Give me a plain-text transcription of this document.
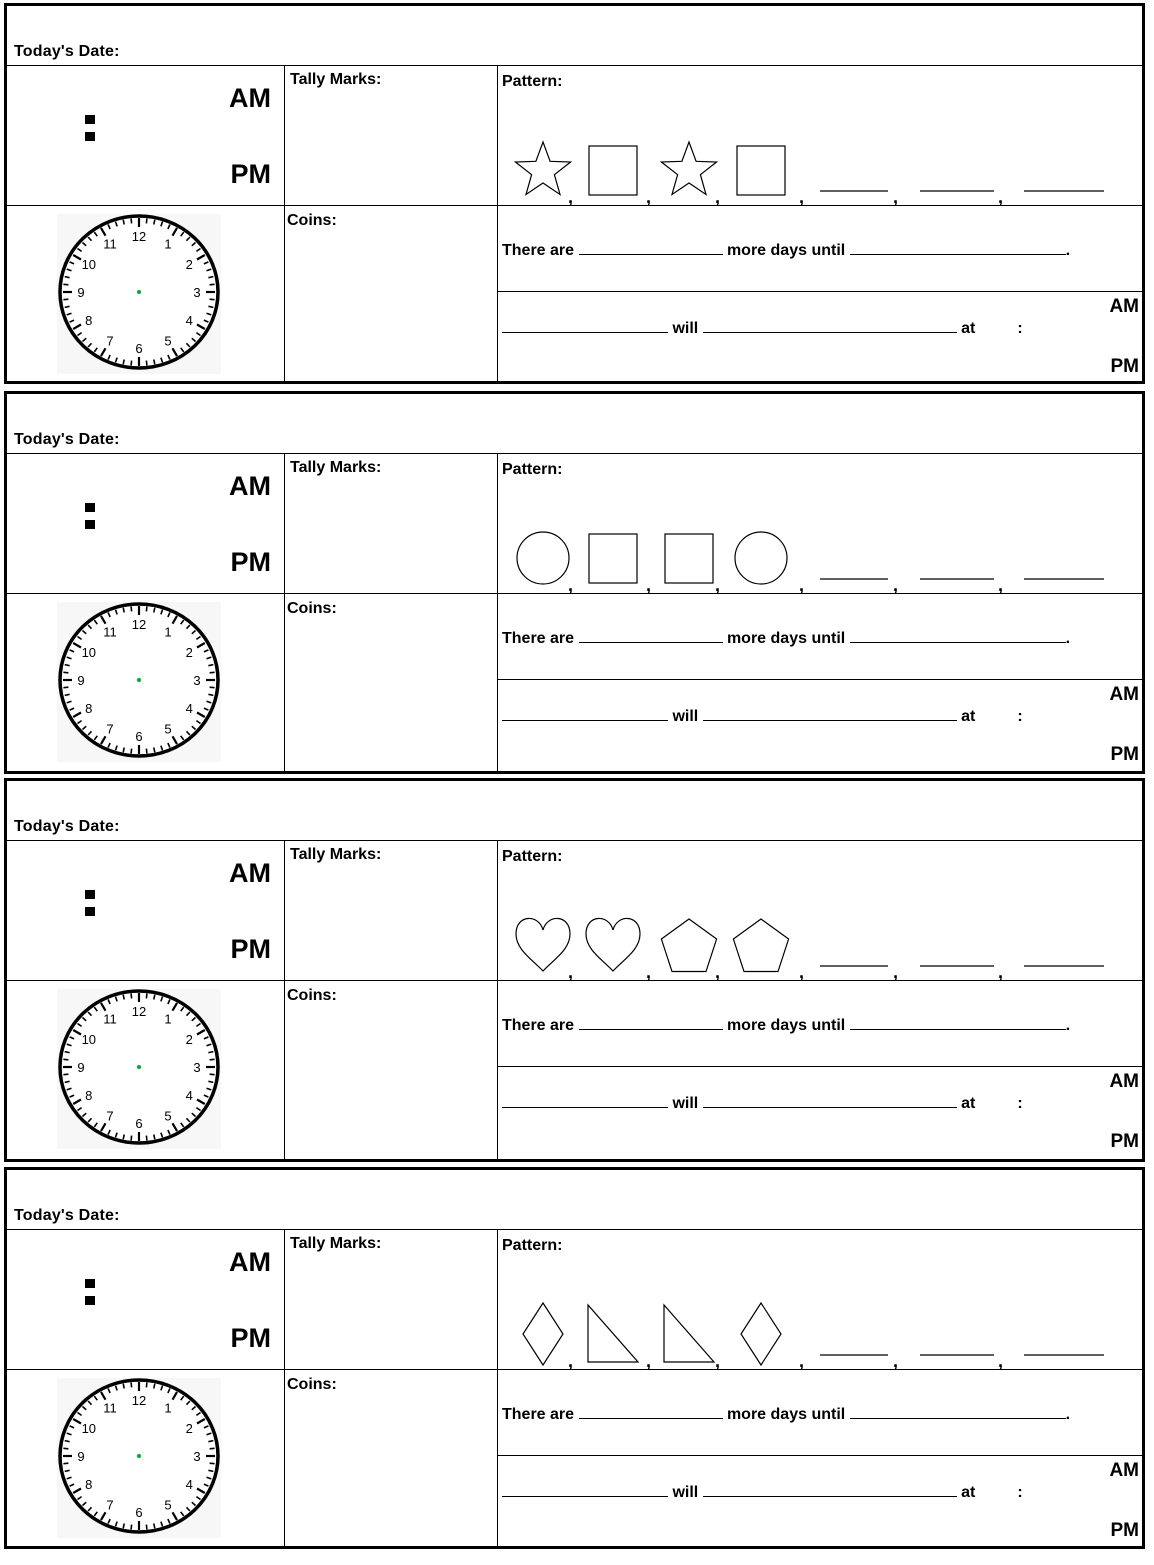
Today's Date:
AM
PM
Tally Marks:	Pattern:
,	,	,	,	,	,
12 1
2
3
4
5
6
7
8
9
10
11
Coins:
There are	more days until	.
AM
will	at	:
PM
Today's Date:
AM
PM
Tally Marks:	Pattern:
,	,	,	,	,	,
12 1
2
3
4
5
6
7
8
9
10
11
Coins:
There are	more days until	.
AM
will	at	:
PM
Today's Date:
AM
PM
Tally Marks:	Pattern:
,	,	,	,	,	,
12 1
2
3
4
5
6
7
8
9
10
11
Coins:
There are	more days until	.
AM
will	at	:
PM
Today's Date:
AM
PM
Tally Marks:	Pattern:
,	,	,	,	,	,
12 1
2
3
4
5
6
7
8
9
10
11
Coins:
There are	more days until	.
AM
will	at	:
PM
